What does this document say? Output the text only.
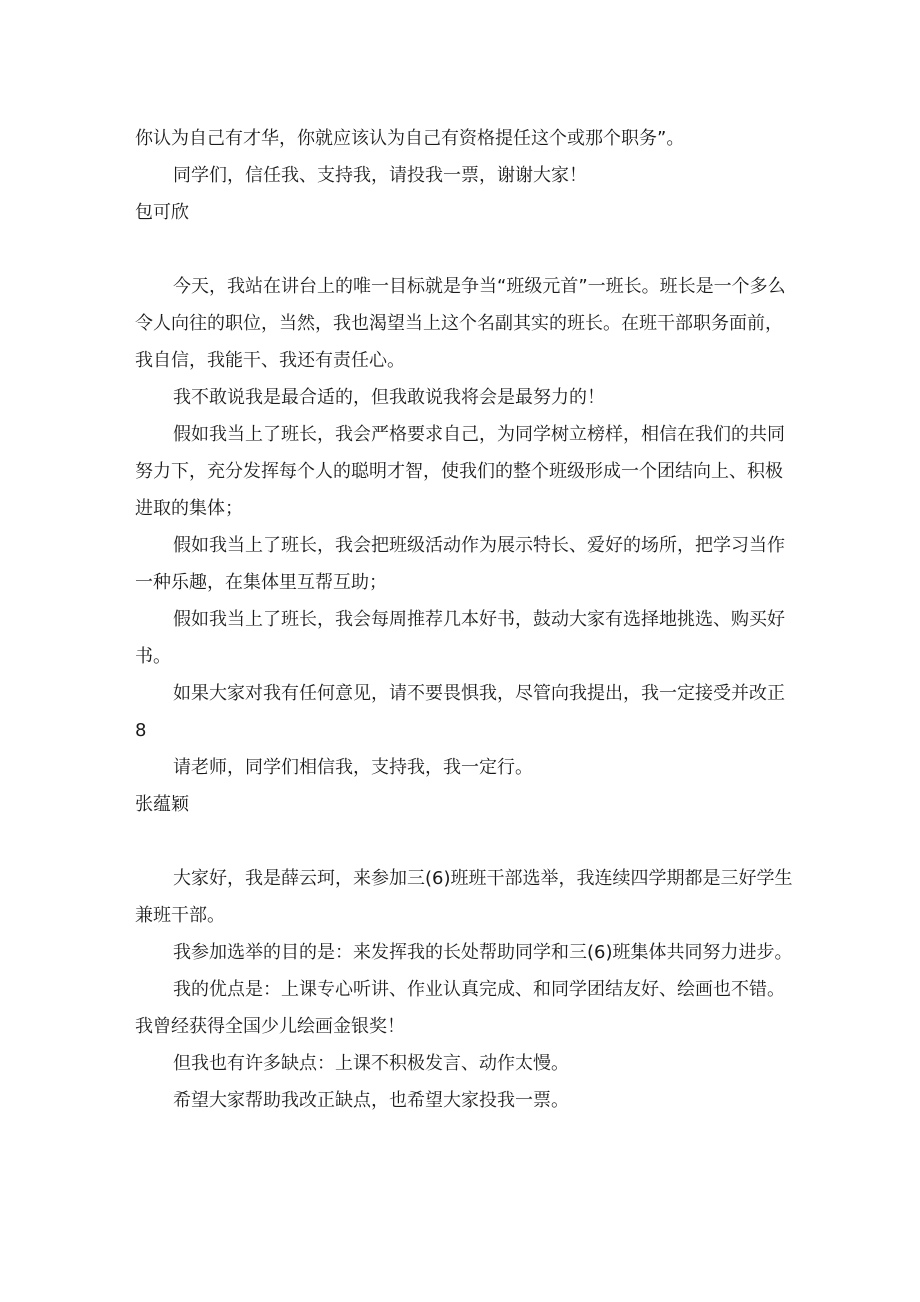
你认为自己有才华，你就应该认为自己有资格提任这个或那个职务”。

同学们，信任我、支持我，请投我一票，谢谢大家！

包可欣

今天，我站在讲台上的唯一目标就是争当“班级元首”一班长。班长是一个多么令人向往的职位，当然，我也渴望当上这个名副其实的班长。在班干部职务面前，我自信，我能干、我还有责任心。

我不敢说我是最合适的，但我敢说我将会是最努力的！

假如我当上了班长，我会严格要求自己，为同学树立榜样，相信在我们的共同努力下，充分发挥每个人的聪明才智，使我们的整个班级形成一个团结向上、积极进取的集体；

假如我当上了班长，我会把班级活动作为展示特长、爱好的场所，把学习当作一种乐趣，在集体里互帮互助；

假如我当上了班长，我会每周推荐几本好书，鼓动大家有选择地挑选、购买好书。

如果大家对我有任何意见，请不要畏惧我，尽管向我提出，我一定接受并改正8

请老师，同学们相信我，支持我，我一定行。

张蕴颖

大家好，我是薛云珂，来参加三(6)班班干部选举，我连续四学期都是三好学生兼班干部。

我参加选举的目的是：来发挥我的长处帮助同学和三(6)班集体共同努力进步。

我的优点是：上课专心听讲、作业认真完成、和同学团结友好、绘画也不错。我曾经获得全国少儿绘画金银奖！

但我也有许多缺点：上课不积极发言、动作太慢。

希望大家帮助我改正缺点，也希望大家投我一票。
